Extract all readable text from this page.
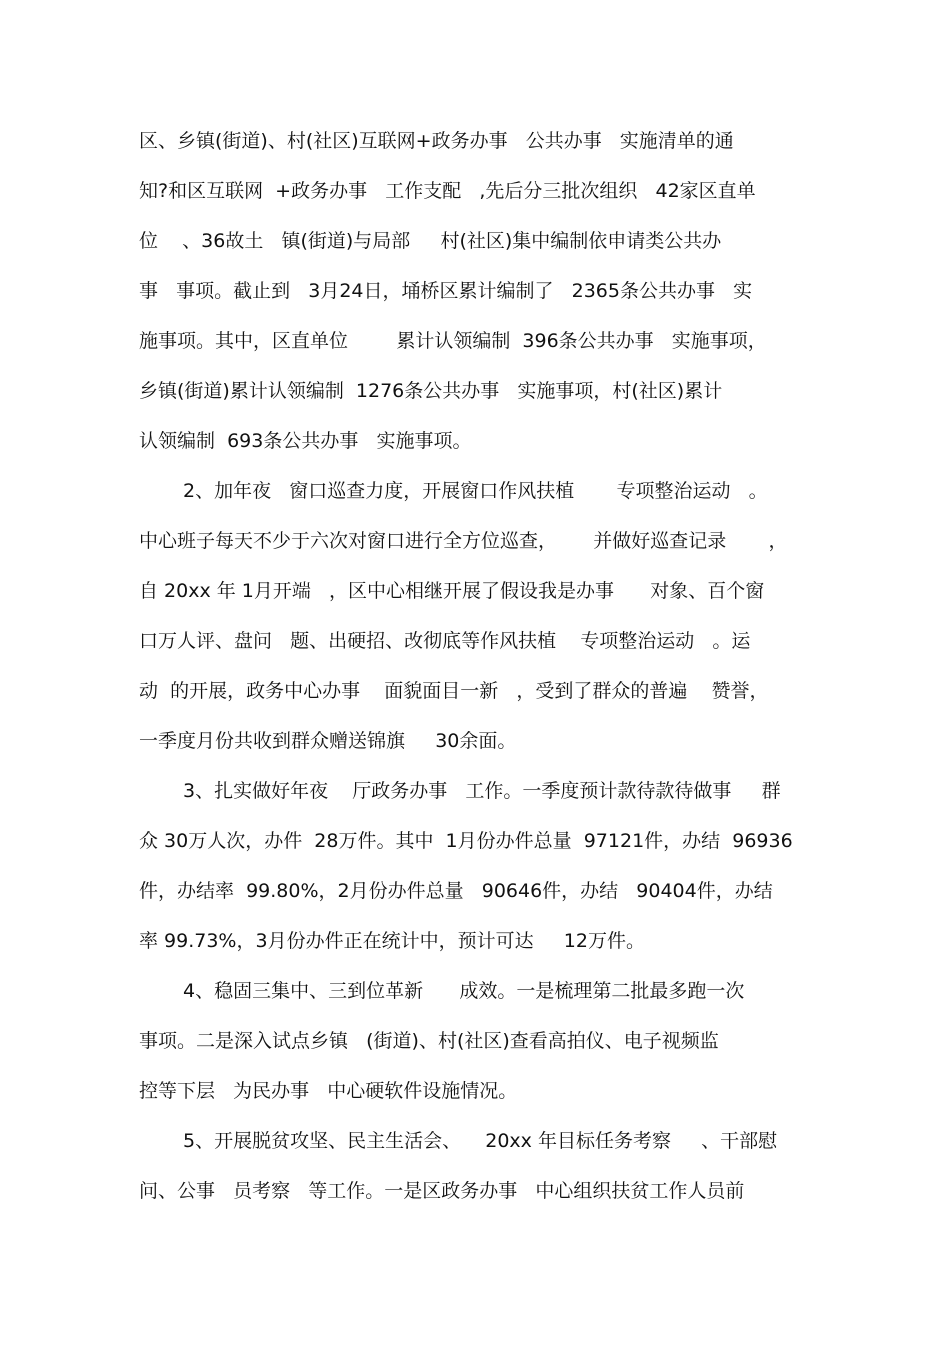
区、乡镇(街道)、村(社区)互联网+政务办事   公共办事   实施清单的通
知?和区互联网  +政务办事   工作支配   ,先后分三批次组织   42家区直单
位    、36故土   镇(街道)与局部     村(社区)集中编制依申请类公共办
事   事项。截止到   3月24日，埇桥区累计编制了   2365条公共办事   实
施事项。其中，区直单位        累计认领编制  396条公共办事   实施事项，
乡镇(街道)累计认领编制  1276条公共办事   实施事项，村(社区)累计
认领编制  693条公共办事   实施事项。
2、加年夜   窗口巡查力度，开展窗口作风扶植       专项整治运动   。
中心班子每天不少于六次对窗口进行全方位巡查，      并做好巡查记录       ，
自 20xx 年 1月开端   ，区中心相继开展了假设我是办事      对象、百个窗
口万人评、盘问   题、出硬招、改彻底等作风扶植    专项整治运动   。运
动  的开展，政务中心办事    面貌面目一新   ，受到了群众的普遍    赞誉，
一季度月份共收到群众赠送锦旗     30余面。
3、扎实做好年夜    厅政务办事   工作。一季度预计款待款待做事     群
众 30万人次，办件  28万件。其中  1月份办件总量  97121件，办结  96936
件，办结率  99.80%，2月份办件总量   90646件，办结   90404件，办结
率 99.73%，3月份办件正在统计中，预计可达     12万件。
4、稳固三集中、三到位革新      成效。一是梳理第二批最多跑一次
事项。二是深入试点乡镇   (街道)、村(社区)查看高拍仪、电子视频监
控等下层   为民办事   中心硬软件设施情况。
5、开展脱贫攻坚、民主生活会、    20xx 年目标任务考察     、干部慰
问、公事   员考察   等工作。一是区政务办事   中心组织扶贫工作人员前
